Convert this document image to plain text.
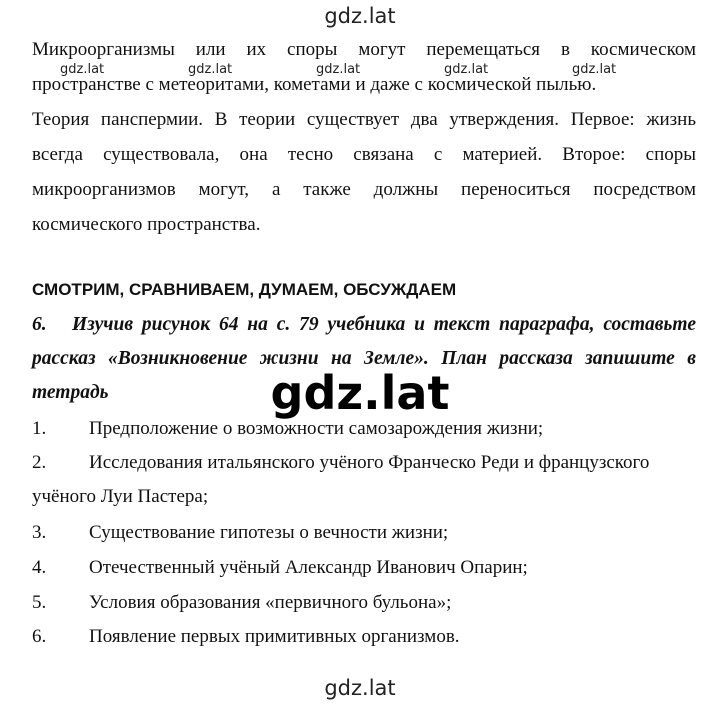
gdz.lat
Микроорганизмы или их споры могут перемещаться в космическом
пространстве с метеоритами, кометами и даже с космической пылью.
gdz.lat	gdz.lat	gdz.lat	gdz.lat	gdz.lat
Теория панспермии. В теории существует два утверждения. Первое: жизнь
всегда существовала, она тесно связана с материей. Второе: споры
микроорганизмов могут, а также должны переноситься посредством
космического пространства.
СМОТРИМ, СРАВНИВАЕМ, ДУМАЕМ, ОБСУЖДАЕМ
6. Изучив рисунок 64 на с. 79 учебника и текст параграфа, составьте
рассказ «Возникновение жизни на Земле». План рассказа запишите в
тетрадь	gdz.lat
1. Предположение о возможности самозарождения жизни;
2. Исследования итальянского учёного Франческо Реди и французского
учёного Луи Пастера;
3. Существование гипотезы о вечности жизни;
4. Отечественный учёный Александр Иванович Опарин;
5. Условия образования «первичного бульона»;
6. Появление первых примитивных организмов.
gdz.lat
